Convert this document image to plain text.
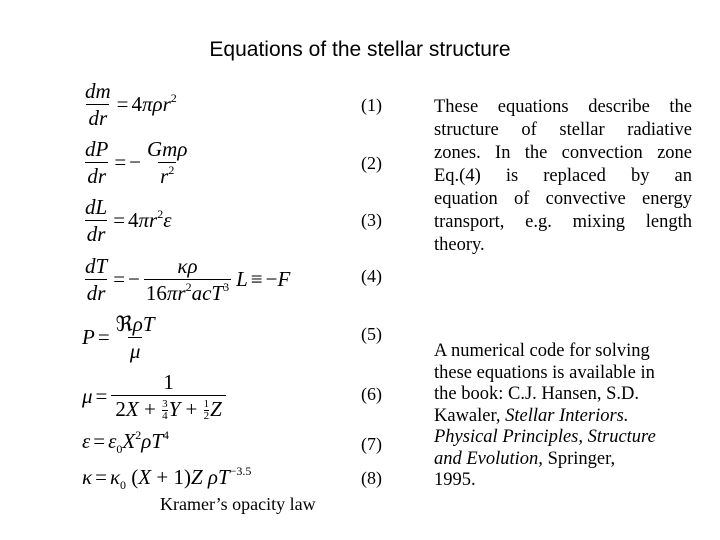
Equations of the stellar structure
$\frac{dm}{dr} = 4\pi\rho r^2$
$\frac{dP}{dr}$ = − $\frac{\text{Gmρ}}{r^2}$
$\frac{dL}{dr} = 4\pi r^2\varepsilon$
$\frac{dT}{dr}$ = − $\frac{\kappa\rho}{16\pi r^2acT^3}$ L ≡ −F
$P = \frac{\text{ℜρT}}{\mu}$
$\mu = \frac{1}{2X + \frac{3}{4} Y + \frac{1}{2} Z}$
$\varepsilon = \varepsilon_0X^2\rho T^4$
$\kappa = \kappa_0$ (X + 1)Z $\rho T^{-3.5}$
(1)
(2)
(3)
(4)
(5)
(6)
(7)
(8)
These equations describe the
structure of stellar radiative
zones. In the convection zone
Eq.(4) is replaced by an
equation of convective energy
transport, e.g. mixing length
theory.
A numerical code for solving
these equations is available in
the book: C.J. Hansen, S.D.
Kawaler, Stellar Interiors.
Physical Principles, Structure
and Evolution, Springer,
1995.
Kramer’s opacity law
